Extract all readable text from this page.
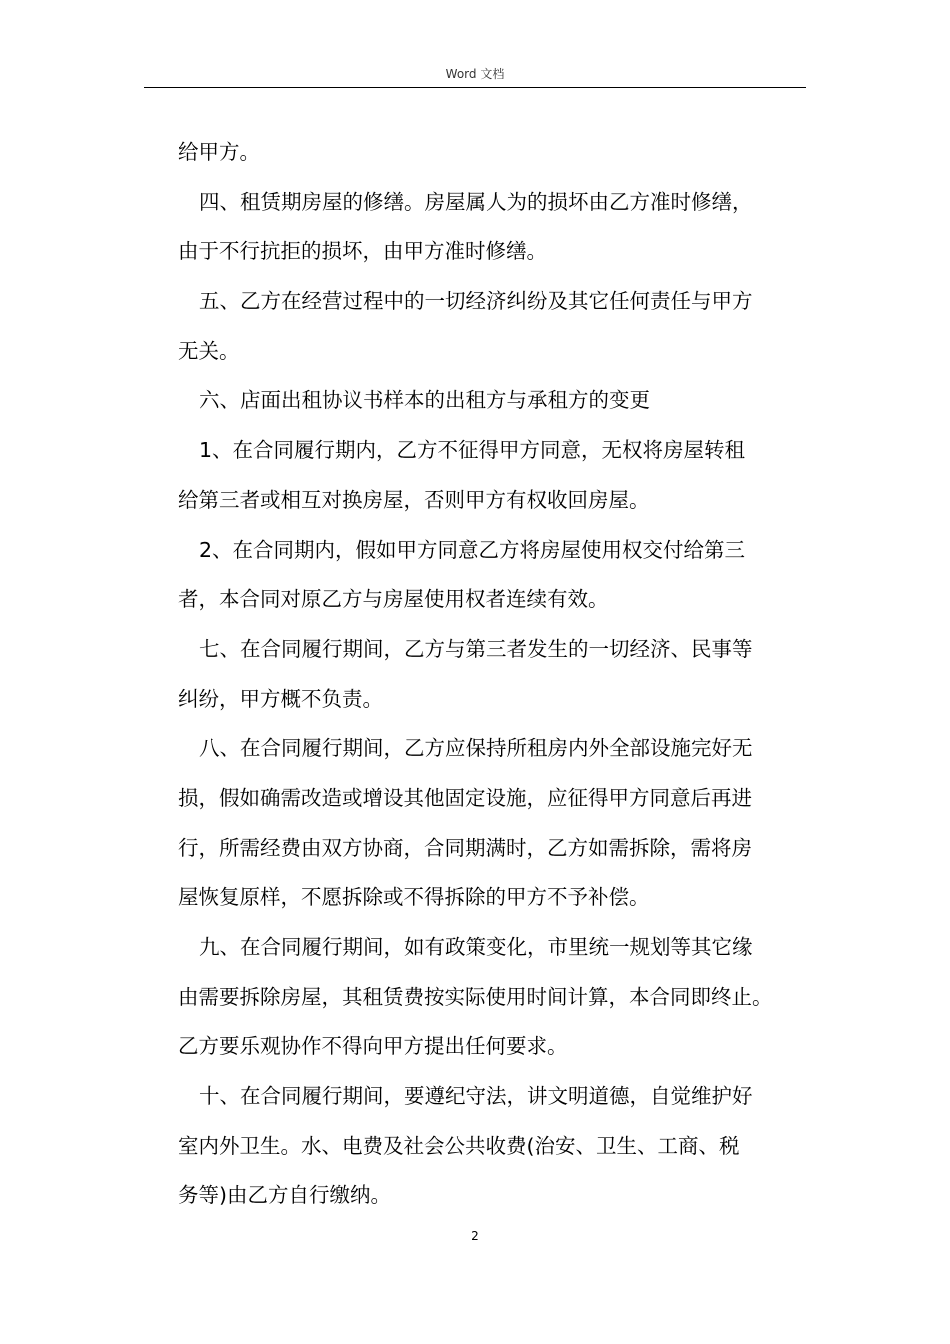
Word 文档
给甲方。
四、租赁期房屋的修缮。房屋属人为的损坏由乙方准时修缮，
由于不行抗拒的损坏，由甲方准时修缮。
五、乙方在经营过程中的一切经济纠纷及其它任何责任与甲方
无关。
六、店面出租协议书样本的出租方与承租方的变更
1、在合同履行期内，乙方不征得甲方同意，无权将房屋转租
给第三者或相互对换房屋，否则甲方有权收回房屋。
2、在合同期内，假如甲方同意乙方将房屋使用权交付给第三
者，本合同对原乙方与房屋使用权者连续有效。
七、在合同履行期间，乙方与第三者发生的一切经济、民事等
纠纷，甲方概不负责。
八、在合同履行期间，乙方应保持所租房内外全部设施完好无
损，假如确需改造或增设其他固定设施，应征得甲方同意后再进
行，所需经费由双方协商，合同期满时，乙方如需拆除，需将房
屋恢复原样，不愿拆除或不得拆除的甲方不予补偿。
九、在合同履行期间，如有政策变化，市里统一规划等其它缘
由需要拆除房屋，其租赁费按实际使用时间计算，本合同即终止。
乙方要乐观协作不得向甲方提出任何要求。
十、在合同履行期间，要遵纪守法，讲文明道德，自觉维护好
室内外卫生。水、电费及社会公共收费(治安、卫生、工商、税
务等)由乙方自行缴纳。
2
